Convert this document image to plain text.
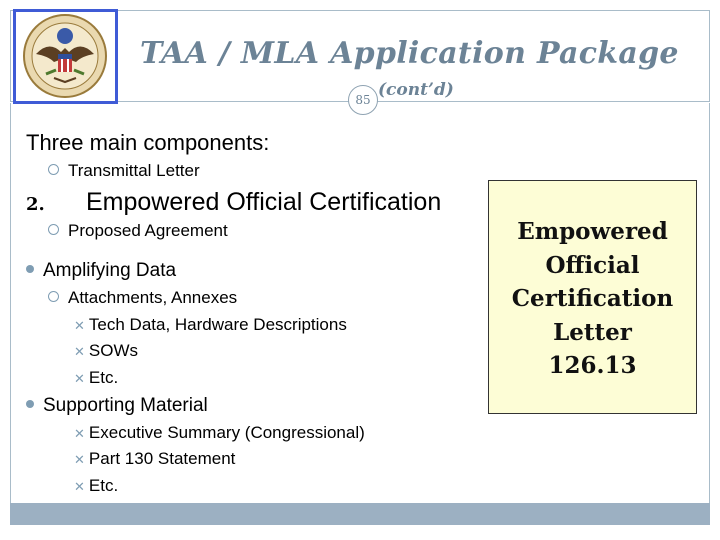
TAA / MLA Application Package
85 (cont’d)
Three main components:
Transmittal Letter
2. Empowered Official Certification
Proposed Agreement
Amplifying Data
Attachments, Annexes
✕ Tech Data, Hardware Descriptions
✕ SOWs
✕ Etc.
Supporting Material
✕ Executive Summary (Congressional)
✕ Part 130 Statement
✕ Etc.
Empowered
Official
Certification
Letter
126.13
